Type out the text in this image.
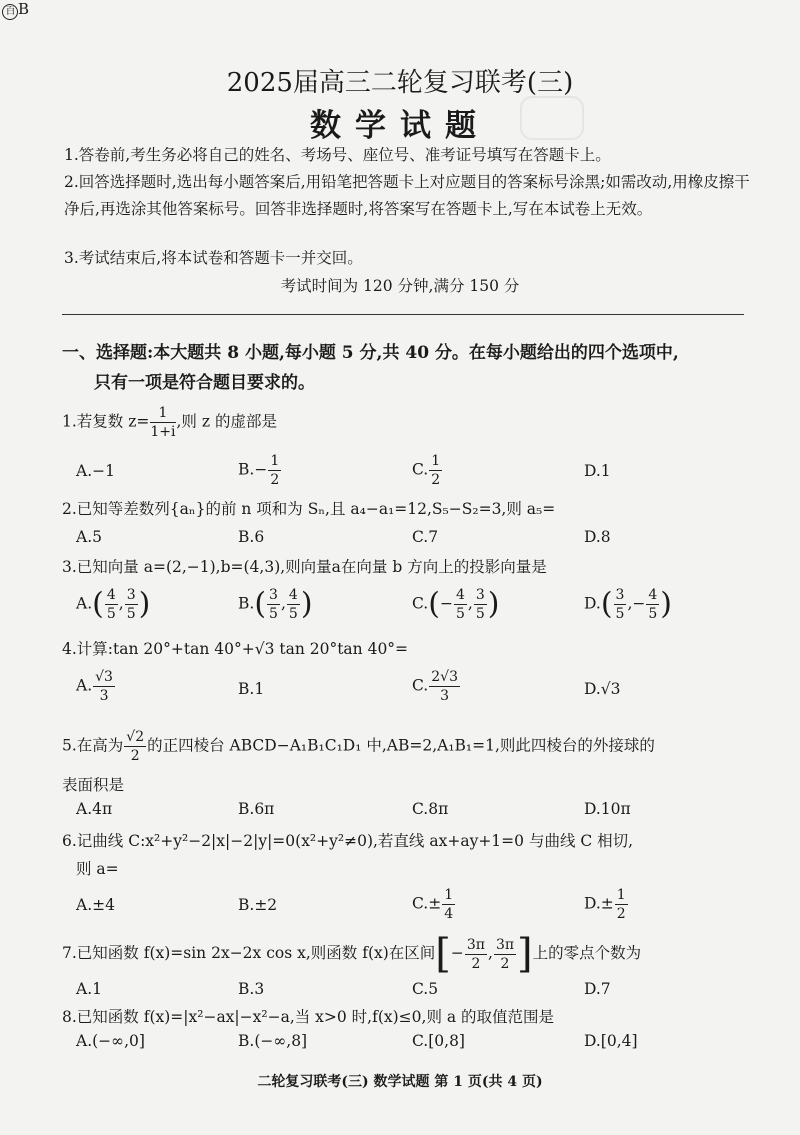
百 B
2025届高三二轮复习联考(三)
数学试题
1.答卷前,考生务必将自己的姓名、考场号、座位号、准考证号填写在答题卡上。
2.回答选择题时,选出每小题答案后,用铅笔把答题卡上对应题目的答案标号涂黑;如需改动,用橡皮擦干净后,再选涂其他答案标号。回答非选择题时,将答案写在答题卡上,写在本试卷上无效。
3.考试结束后,将本试卷和答题卡一并交回。
考试时间为 120 分钟,满分 150 分
一、选择题:本大题共 8 小题,每小题 5 分,共 40 分。在每小题给出的四个选项中,
只有一项是符合题目要求的。
1.若复数 $z= \frac{1}{1+i}$ ,则 z 的虚部是
A.−1	$B.- \frac{1}{2}$	C. $\frac{1}{2}$	D.1
2.已知等差数列{aₙ}的前 n 项和为 Sₙ,且 a₄−a₁=12,S₅−S₂=3,则 a₅=
A.5	B.6	C.7	D.8
3.已知向量 a=(2,−1),b=(4,3),则向量a在向量 b 方向上的投影向量是
$A.( \frac{4}{5}$ , $\frac{3}{5}$ )	$B.( \frac{3}{5}$ , $\frac{4}{5}$ )	$C.(- \frac{4}{5}$ , $\frac{3}{5}$ )	$D.( \frac{3}{5}$ ,− $\frac{4}{5}$ )
4.计算:tan 20°+tan 40°+√3 tan 20°tan 40°=
A. $\frac{√3}{3}$	B.1	C. $\frac{2√3}{3}$	D.√3
5.在高为 $\frac{√2}{2}$ 的正四棱台 ABCD−A₁B₁C₁D₁ 中,AB=2,A₁B₁=1,则此四棱台的外接球的
表面积是
A.4π	B.6π	C.8π	D.10π
6.记曲线 C:x²+y²−2|x|−2|y|=0(x²+y²≠0),若直线 ax+ay+1=0 与曲线 C 相切,
则 a=
A.±4	B.±2	$C.\pm \frac{1}{4}$	$D.\pm \frac{1}{2}$
7.已知函数 f(x)=sin 2x−2x cos x,则函数 f(x)在区间[− $\frac{3\pi}{2}$ , $\frac{3\pi}{2}$ ]上的零点个数为
A.1	B.3	C.5	D.7
8.已知函数 f(x)=|x²−ax|−x²−a,当 x>0 时,f(x)≤0,则 a 的取值范围是
A.(−∞,0]	B.(−∞,8]	C.[0,8]	D.[0,4]
二轮复习联考(三) 数学试题 第 1 页(共 4 页)
